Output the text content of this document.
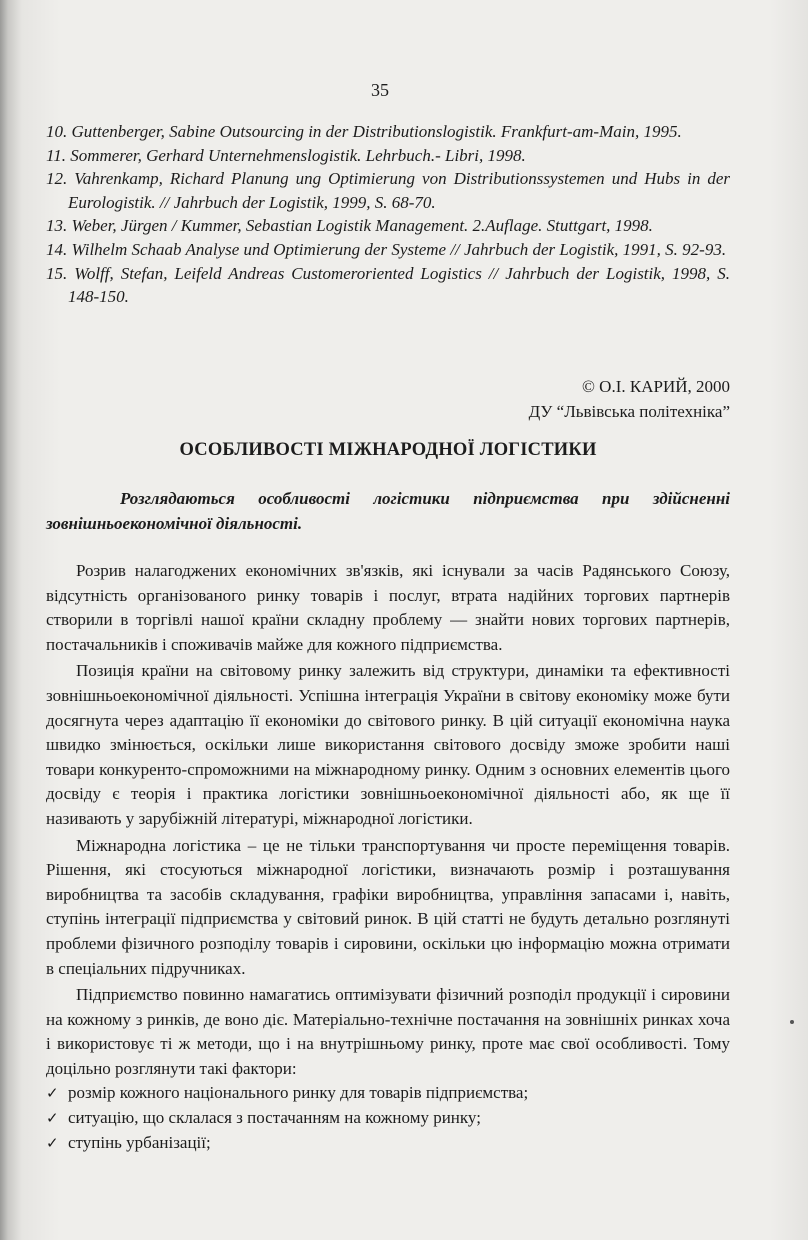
35
10. Guttenberger, Sabine Outsourcing in der Distributionslogistik. Frankfurt-am-Main, 1995.
11. Sommerer, Gerhard Unternehmenslogistik. Lehrbuch.- Libri, 1998.
12. Vahrenkamp, Richard Planung ung Optimierung von Distributionssystemen und Hubs in der Eurologistik. // Jahrbuch der Logistik, 1999, S. 68-70.
13. Weber, Jürgen / Kummer, Sebastian Logistik Management. 2.Auflage. Stuttgart, 1998.
14. Wilhelm Schaab Analyse und Optimierung der Systeme // Jahrbuch der Logistik, 1991, S. 92-93.
15. Wolff, Stefan, Leifeld Andreas Customeroriented Logistics // Jahrbuch der Logistik, 1998, S. 148-150.
© О.І. КАРИЙ, 2000
ДУ “Львівська політехніка”
ОСОБЛИВОСТІ МІЖНАРОДНОЇ ЛОГІСТИКИ

Розглядаються особливості логістики підприємства при здійсненні зовнішньоекономічної діяльності.

Розрив налагоджених економічних зв'язків, які існували за часів Радянського Союзу, відсутність організованого ринку товарів і послуг, втрата надійних торгових партнерів створили в торгівлі нашої країни складну проблему — знайти нових торгових партнерів, постачальників і споживачів майже для кожного підприємства.

Позиція країни на світовому ринку залежить від структури, динаміки та ефективності зовнішньоекономічної діяльності. Успішна інтеграція України в світову економіку може бути досягнута через адаптацію її економіки до світового ринку. В цій ситуації економічна наука швидко змінюється, оскільки лише використання світового досвіду зможе зробити наші товари конкуренто-спроможними на міжнародному ринку. Одним з основних елементів цього досвіду є теорія і практика логістики зовнішньоекономічної діяльності або, як ще її називають у зарубіжній літературі, міжнародної логістики.

Міжнародна логістика – це не тільки транспортування чи просте переміщення товарів. Рішення, які стосуються міжнародної логістики, визначають розмір і розташування виробництва та засобів складування, графіки виробництва, управління запасами і, навіть, ступінь інтеграції підприємства у світовий ринок. В цій статті не будуть детально розглянуті проблеми фізичного розподілу товарів і сировини, оскільки цю інформацію можна отримати в спеціальних підручниках.

Підприємство повинно намагатись оптимізувати фізичний розподіл продукції і сировини на кожному з ринків, де воно діє. Матеріально-технічне постачання на зовнішніх ринках хоча і використовує ті ж методи, що і на внутрішньому ринку, проте має свої особливості. Тому доцільно розглянути такі фактори:

✓ розмір кожного національного ринку для товарів підприємства;
✓ ситуацію, що склалася з постачанням на кожному ринку;
✓ ступінь урбанізації;
